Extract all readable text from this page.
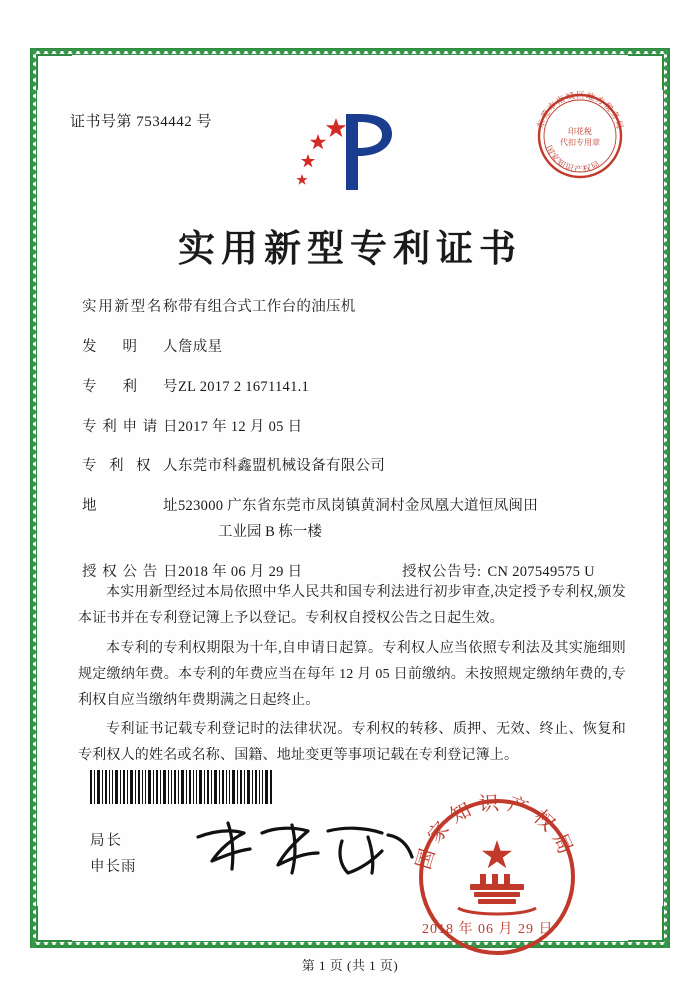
证书号第 7534442 号	东莞市南城区地方税务局
国家知识产权局
印花税
代扣专用章
实用新型专利证书
实用新型名称带有组合式工作台的油压机
发明人詹成星
专利号ZL 2017 2 1671141.1
专利申请日2017 年 12 月 05 日
专利权人东莞市科鑫盟机械设备有限公司
地址523000 广东省东莞市凤岗镇黄洞村金凤凰大道恒凤闽田
工业园 B 栋一楼
授权公告日2018 年 06 月 29 日	授权公告号: CN 207549575 U

本实用新型经过本局依照中华人民共和国专利法进行初步审查,决定授予专利权,颁发本证书并在专利登记簿上予以登记。专利权自授权公告之日起生效。

本专利的专利权期限为十年,自申请日起算。专利权人应当依照专利法及其实施细则规定缴纳年费。本专利的年费应当在每年 12 月 05 日前缴纳。未按照规定缴纳年费的,专利权自应当缴纳年费期满之日起终止。

专利证书记载专利登记时的法律状况。专利权的转移、质押、无效、终止、恢复和专利权人的姓名或名称、国籍、地址变更等事项记载在专利登记簿上。

局长
申长雨	国家知识产权局
2018 年 06 月 29 日
第 1 页 (共 1 页)
